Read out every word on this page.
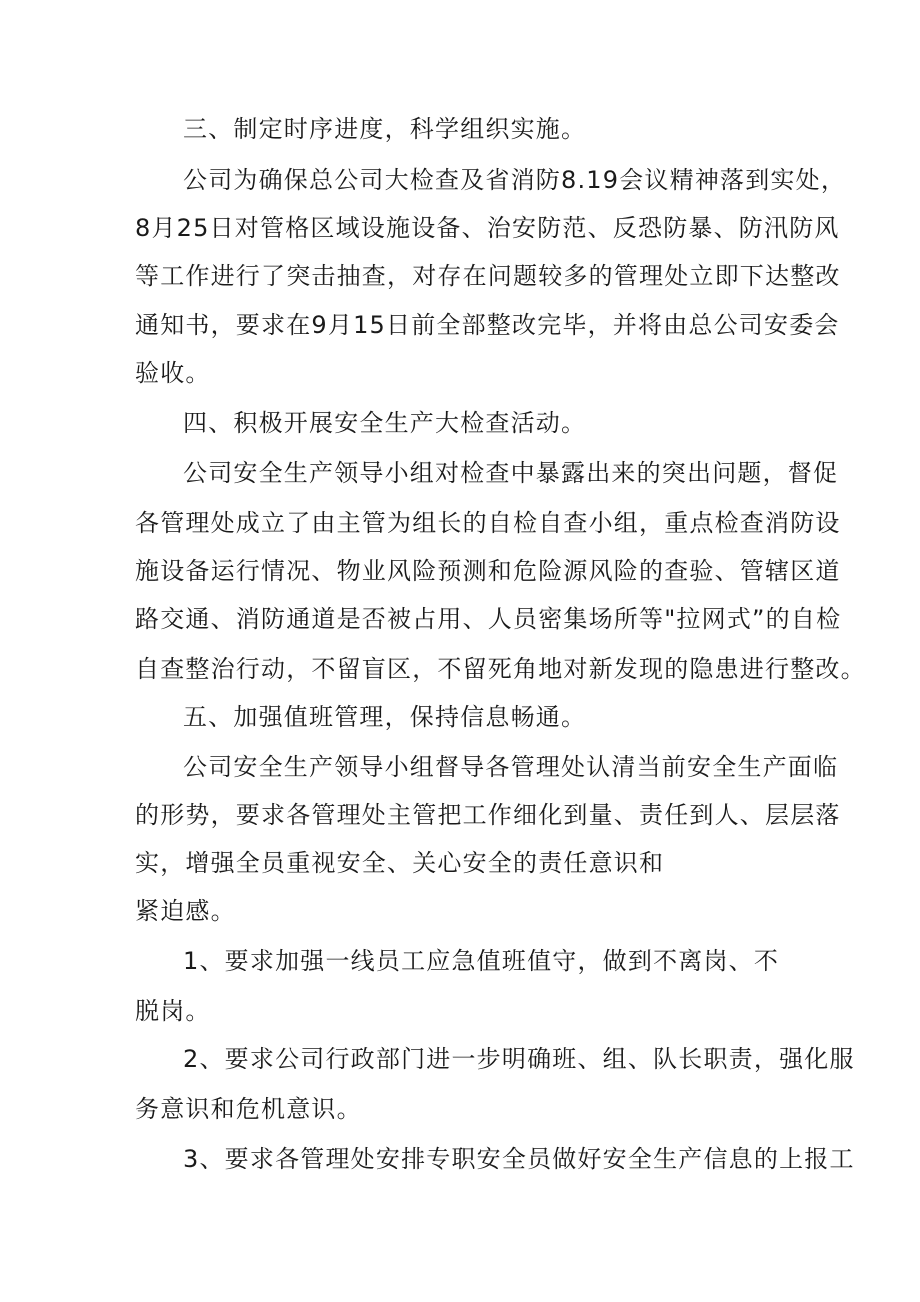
三、制定时序进度，科学组织实施。
公司为确保总公司大检查及省消防8.19会议精神落到实处，
8月25日对管格区域设施设备、治安防范、反恐防暴、防汛防风
等工作进行了突击抽查，对存在问题较多的管理处立即下达整改
通知书，要求在9月15日前全部整改完毕，并将由总公司安委会
验收。
四、积极开展安全生产大检查活动。
公司安全生产领导小组对检查中暴露出来的突出问题，督促
各管理处成立了由主管为组长的自检自查小组，重点检查消防设
施设备运行情况、物业风险预测和危险源风险的查验、管辖区道
路交通、消防通道是否被占用、人员密集场所等"拉网式”的自检
自查整治行动，不留盲区，不留死角地对新发现的隐患进行整改。
五、加强值班管理，保持信息畅通。
公司安全生产领导小组督导各管理处认清当前安全生产面临
的形势，要求各管理处主管把工作细化到量、责任到人、层层落
实，增强全员重视安全、关心安全的责任意识和
紧迫感。
1、要求加强一线员工应急值班值守，做到不离岗、不
脱岗。
2、要求公司行政部门进一步明确班、组、队长职责，强化服
务意识和危机意识。
3、要求各管理处安排专职安全员做好安全生产信息的上报工
